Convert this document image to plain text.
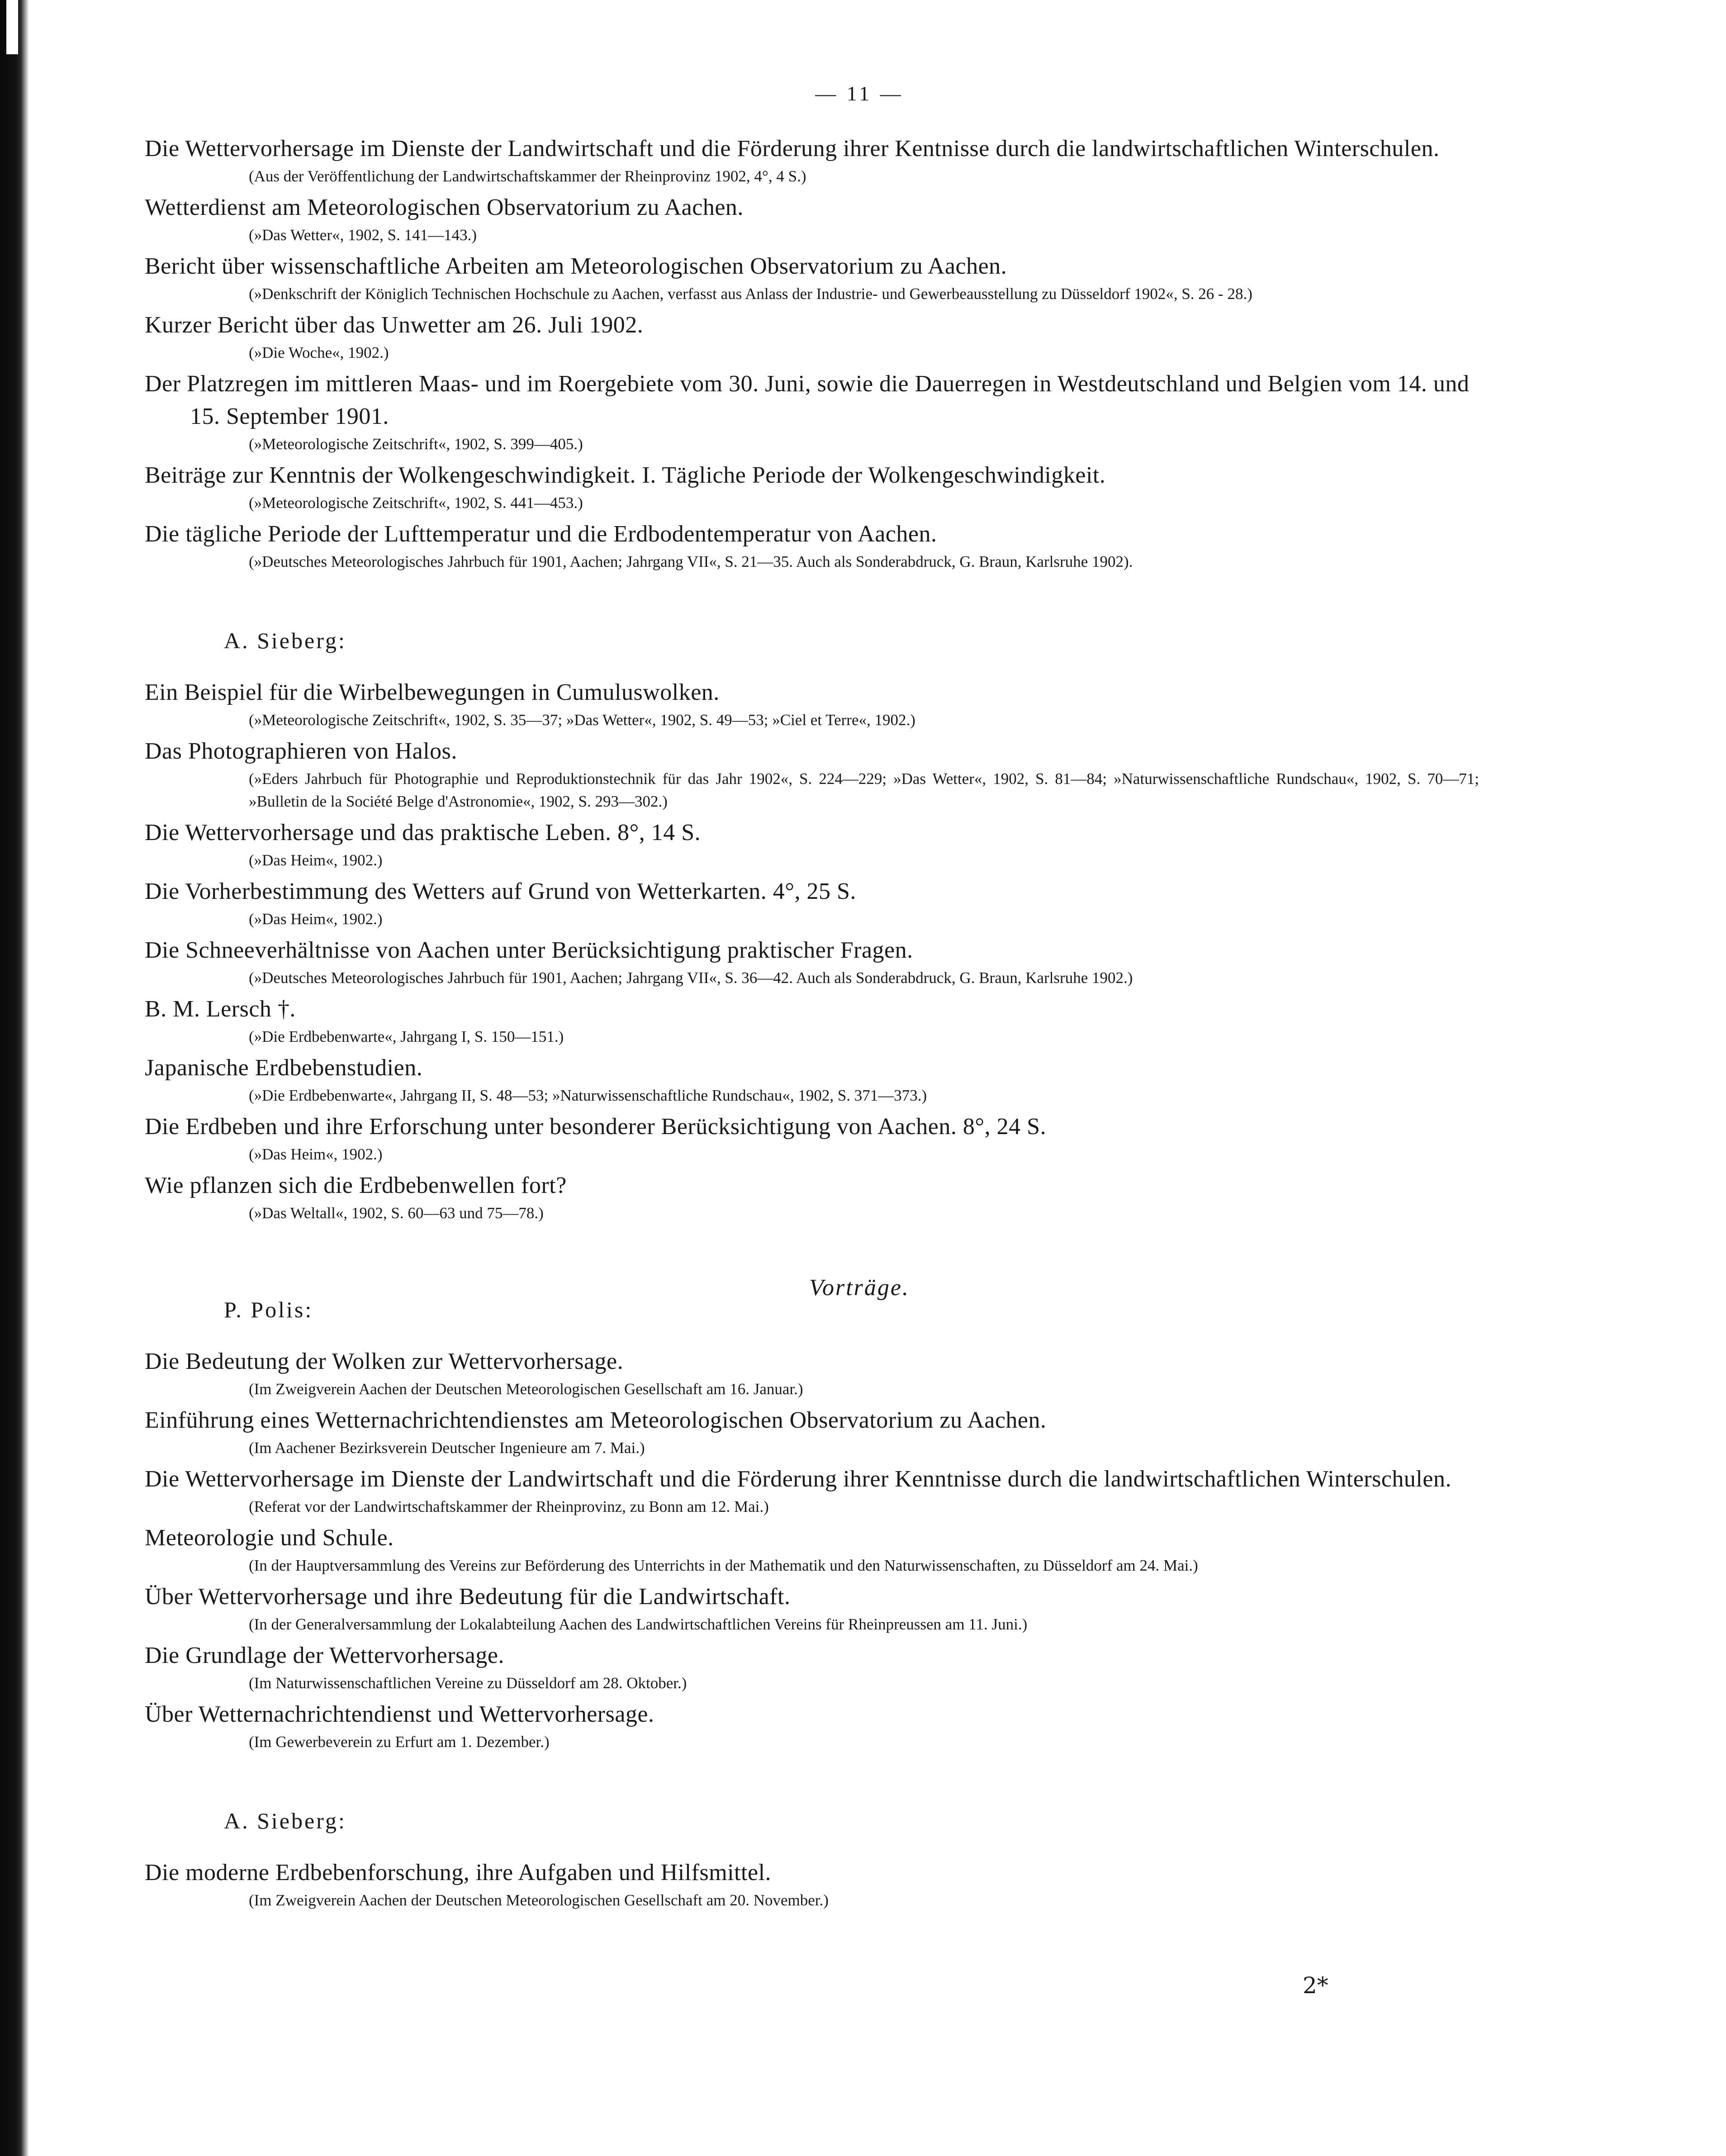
— 11 —
Die Wettervorhersage im Dienste der Landwirtschaft und die Förderung ihrer Kentnisse durch die landwirtschaftlichen Winterschulen.
(Aus der Veröffentlichung der Landwirtschaftskammer der Rheinprovinz 1902, 4°, 4 S.)
Wetterdienst am Meteorologischen Observatorium zu Aachen.
(»Das Wetter«, 1902, S. 141—143.)
Bericht über wissenschaftliche Arbeiten am Meteorologischen Observatorium zu Aachen.
(»Denkschrift der Königlich Technischen Hochschule zu Aachen, verfasst aus Anlass der Industrie- und Gewerbeausstellung zu Düsseldorf 1902«, S. 26 - 28.)
Kurzer Bericht über das Unwetter am 26. Juli 1902.
(»Die Woche«, 1902.)
Der Platzregen im mittleren Maas- und im Roergebiete vom 30. Juni, sowie die Dauerregen in Westdeutschland und Belgien vom 14. und 15. September 1901.
(»Meteorologische Zeitschrift«, 1902, S. 399—405.)
Beiträge zur Kenntnis der Wolkengeschwindigkeit. I. Tägliche Periode der Wolkengeschwindigkeit.
(»Meteorologische Zeitschrift«, 1902, S. 441—453.)
Die tägliche Periode der Lufttemperatur und die Erdbodentemperatur von Aachen.
(»Deutsches Meteorologisches Jahrbuch für 1901, Aachen; Jahrgang VII«, S. 21—35. Auch als Sonderabdruck, G. Braun, Karlsruhe 1902).
A. Sieberg:
Ein Beispiel für die Wirbelbewegungen in Cumuluswolken.
(»Meteorologische Zeitschrift«, 1902, S. 35—37; »Das Wetter«, 1902, S. 49—53; »Ciel et Terre«, 1902.)
Das Photographieren von Halos.
(»Eders Jahrbuch für Photographie und Reproduktionstechnik für das Jahr 1902«, S. 224—229; »Das Wetter«, 1902, S. 81—84; »Naturwissenschaftliche Rundschau«, 1902, S. 70—71; »Bulletin de la Société Belge d'Astronomie«, 1902, S. 293—302.)
Die Wettervorhersage und das praktische Leben. 8°, 14 S.
(»Das Heim«, 1902.)
Die Vorherbestimmung des Wetters auf Grund von Wetterkarten. 4°, 25 S.
(»Das Heim«, 1902.)
Die Schneeverhältnisse von Aachen unter Berücksichtigung praktischer Fragen.
(»Deutsches Meteorologisches Jahrbuch für 1901, Aachen; Jahrgang VII«, S. 36—42. Auch als Sonderabdruck, G. Braun, Karlsruhe 1902.)
B. M. Lersch †.
(»Die Erdbebenwarte«, Jahrgang I, S. 150—151.)
Japanische Erdbebenstudien.
(»Die Erdbebenwarte«, Jahrgang II, S. 48—53; »Naturwissenschaftliche Rundschau«, 1902, S. 371—373.)
Die Erdbeben und ihre Erforschung unter besonderer Berücksichtigung von Aachen. 8°, 24 S.
(»Das Heim«, 1902.)
Wie pflanzen sich die Erdbebenwellen fort?
(»Das Weltall«, 1902, S. 60—63 und 75—78.)
Vorträge.
P. Polis:
Die Bedeutung der Wolken zur Wettervorhersage.
(Im Zweigverein Aachen der Deutschen Meteorologischen Gesellschaft am 16. Januar.)
Einführung eines Wetternachrichtendienstes am Meteorologischen Observatorium zu Aachen.
(Im Aachener Bezirksverein Deutscher Ingenieure am 7. Mai.)
Die Wettervorhersage im Dienste der Landwirtschaft und die Förderung ihrer Kenntnisse durch die landwirtschaftlichen Winterschulen.
(Referat vor der Landwirtschaftskammer der Rheinprovinz, zu Bonn am 12. Mai.)
Meteorologie und Schule.
(In der Hauptversammlung des Vereins zur Beförderung des Unterrichts in der Mathematik und den Naturwissenschaften, zu Düsseldorf am 24. Mai.)
Über Wettervorhersage und ihre Bedeutung für die Landwirtschaft.
(In der Generalversammlung der Lokalabteilung Aachen des Landwirtschaftlichen Vereins für Rheinpreussen am 11. Juni.)
Die Grundlage der Wettervorhersage.
(Im Naturwissenschaftlichen Vereine zu Düsseldorf am 28. Oktober.)
Über Wetternachrichtendienst und Wettervorhersage.
(Im Gewerbeverein zu Erfurt am 1. Dezember.)
A. Sieberg:
Die moderne Erdbebenforschung, ihre Aufgaben und Hilfsmittel.
(Im Zweigverein Aachen der Deutschen Meteorologischen Gesellschaft am 20. November.)
2*
